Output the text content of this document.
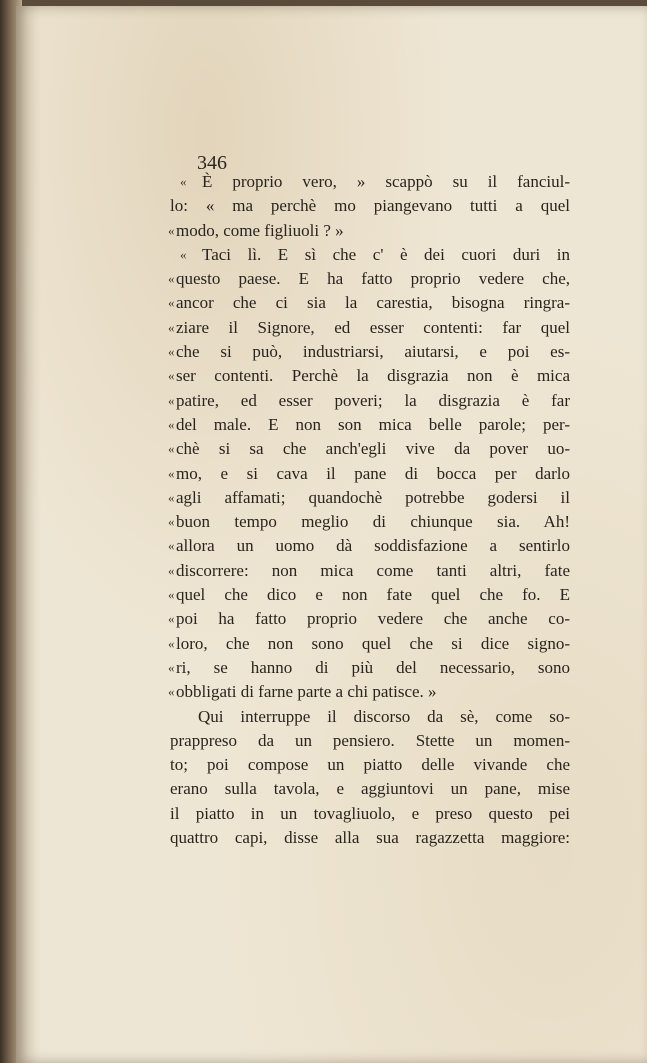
346
« È proprio vero, » scappò su il fanciul-
lo: « ma perchè mo piangevano tutti a quel
« modo, come figliuoli ? »
« Taci lì. E sì che c' è dei cuori duri in
« questo paese. E ha fatto proprio vedere che,
« ancor che ci sia la carestia, bisogna ringra-
« ziare il Signore, ed esser contenti: far quel
« che si può, industriarsi, aiutarsi, e poi es-
« ser contenti. Perchè la disgrazia non è mica
« patire, ed esser poveri; la disgrazia è far
« del male. E non son mica belle parole; per-
« chè si sa che anch'egli vive da pover uo-
« mo, e si cava il pane di bocca per darlo
« agli affamati; quandochè potrebbe godersi il
« buon tempo meglio di chiunque sia. Ah!
« allora un uomo dà soddisfazione a sentirlo
« discorrere: non mica come tanti altri, fate
« quel che dico e non fate quel che fo. E
« poi ha fatto proprio vedere che anche co-
« loro, che non sono quel che si dice signo-
« ri, se hanno di più del necessario, sono
« obbligati di farne parte a chi patisce. »
Qui interruppe il discorso da sè, come so-
prappreso da un pensiero. Stette un momen-
to; poi compose un piatto delle vivande che
erano sulla tavola, e aggiuntovi un pane, mise
il piatto in un tovagliuolo, e preso questo pei
quattro capi, disse alla sua ragazzetta maggiore:
